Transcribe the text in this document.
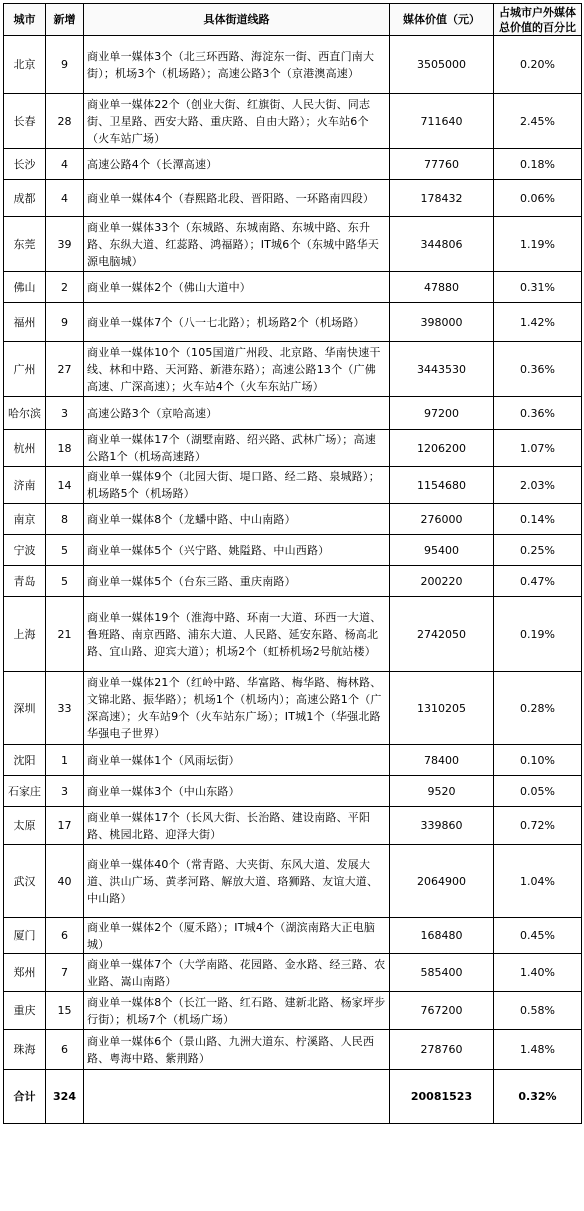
城市	新增	具体街道线路	媒体价值（元）	占城市户外媒体总价值的百分比
北京	9	商业单一媒体3个（北三环西路、海淀东一街、西直门南大街）；机场3个（机场路）；高速公路3个（京港澳高速）	3505000	0.20%
长春	28	商业单一媒体22个（创业大街、红旗街、人民大街、同志街、卫星路、西安大路、重庆路、自由大路）；火车站6个（火车站广场）	711640	2.45%
长沙	4	高速公路4个（长潭高速）	77760	0.18%
成都	4	商业单一媒体4个（春熙路北段、晋阳路、一环路南四段）	178432	0.06%
东莞	39	商业单一媒体33个（东城路、东城南路、东城中路、东升路、东纵大道、红蕊路、鸿福路）；IT城6个（东城中路华天源电脑城）	344806	1.19%
佛山	2	商业单一媒体2个（佛山大道中）	47880	0.31%
福州	9	商业单一媒体7个（八一七北路）；机场路2个（机场路）	398000	1.42%
广州	27	商业单一媒体10个（105国道广州段、北京路、华南快速干线、林和中路、天河路、新港东路）；高速公路13个（广佛高速、广深高速）；火车站4个（火车东站广场）	3443530	0.36%
哈尔滨	3	高速公路3个（京哈高速）	97200	0.36%
杭州	18	商业单一媒体17个（湖墅南路、绍兴路、武林广场）；高速公路1个（机场高速路）	1206200	1.07%
济南	14	商业单一媒体9个（北园大街、堤口路、经二路、泉城路）；机场路5个（机场路）	1154680	2.03%
南京	8	商业单一媒体8个（龙蟠中路、中山南路）	276000	0.14%
宁波	5	商业单一媒体5个（兴宁路、姚隘路、中山西路）	95400	0.25%
青岛	5	商业单一媒体5个（台东三路、重庆南路）	200220	0.47%
上海	21	商业单一媒体19个（淮海中路、环南一大道、环西一大道、鲁班路、南京西路、浦东大道、人民路、延安东路、杨高北路、宜山路、迎宾大道）；机场2个（虹桥机场2号航站楼）	2742050	0.19%
深圳	33	商业单一媒体21个（红岭中路、华富路、梅华路、梅林路、文锦北路、振华路）；机场1个（机场内）；高速公路1个（广深高速）；火车站9个（火车站东广场）；IT城1个（华强北路华强电子世界）	1310205	0.28%
沈阳	1	商业单一媒体1个（风雨坛街）	78400	0.10%
石家庄	3	商业单一媒体3个（中山东路）	9520	0.05%
太原	17	商业单一媒体17个（长风大街、长治路、建设南路、平阳路、桃园北路、迎泽大街）	339860	0.72%
武汉	40	商业单一媒体40个（常青路、大夹街、东风大道、发展大道、洪山广场、黄孝河路、解放大道、珞狮路、友谊大道、中山路）	2064900	1.04%
厦门	6	商业单一媒体2个（厦禾路）；IT城4个（湖滨南路大正电脑城）	168480	0.45%
郑州	7	商业单一媒体7个（大学南路、花园路、金水路、经三路、农业路、嵩山南路）	585400	1.40%
重庆	15	商业单一媒体8个（长江一路、红石路、建新北路、杨家坪步行街）；机场7个（机场广场）	767200	0.58%
珠海	6	商业单一媒体6个（景山路、九洲大道东、柠溪路、人民西路、粤海中路、紫荆路）	278760	1.48%
合计	324		20081523	0.32%
